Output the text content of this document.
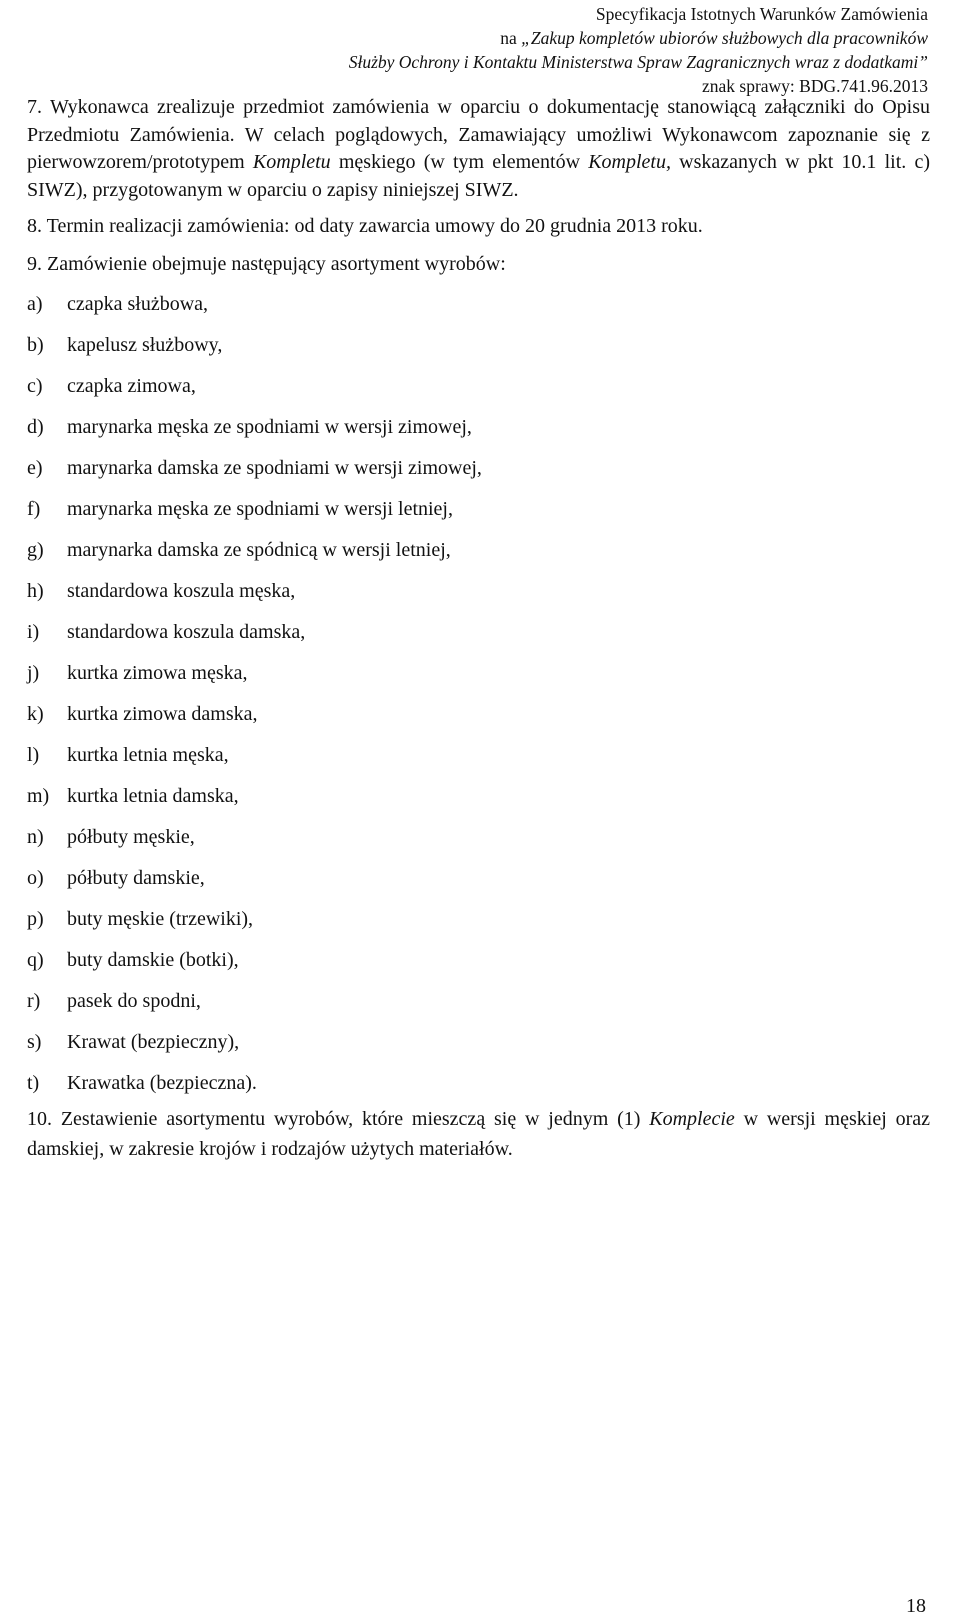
Specyfikacja Istotnych Warunków Zamówienia
na „Zakup kompletów ubiorów służbowych dla pracowników
Służby Ochrony i Kontaktu Ministerstwa Spraw Zagranicznych wraz z dodatkami”
znak sprawy: BDG.741.96.2013
7. Wykonawca zrealizuje przedmiot zamówienia w oparciu o dokumentację stanowiącą załączniki do Opisu Przedmiotu Zamówienia. W celach poglądowych, Zamawiający umożliwi Wykonawcom zapoznanie się z pierwowzorem/prototypem Kompletu męskiego (w tym elementów Kompletu, wskazanych w pkt 10.1 lit. c) SIWZ), przygotowanym w oparciu o zapisy niniejszej SIWZ.
8. Termin realizacji zamówienia: od daty zawarcia umowy do 20 grudnia 2013 roku.
9. Zamówienie obejmuje następujący asortyment wyrobów:
a) czapka służbowa,
b) kapelusz służbowy,
c) czapka zimowa,
d) marynarka męska ze spodniami w wersji zimowej,
e) marynarka damska ze spodniami w wersji zimowej,
f) marynarka męska ze spodniami w wersji letniej,
g) marynarka damska ze spódnicą w wersji letniej,
h) standardowa koszula męska,
i) standardowa koszula damska,
j) kurtka zimowa męska,
k) kurtka zimowa damska,
l) kurtka letnia męska,
m) kurtka letnia damska,
n) półbuty męskie,
o) półbuty damskie,
p) buty męskie (trzewiki),
q) buty damskie (botki),
r) pasek do spodni,
s) Krawat (bezpieczny),
t) Krawatka (bezpieczna).
10. Zestawienie asortymentu wyrobów, które mieszczą się w jednym (1) Komplecie w wersji męskiej oraz damskiej, w zakresie krojów i rodzajów użytych materiałów.
18
